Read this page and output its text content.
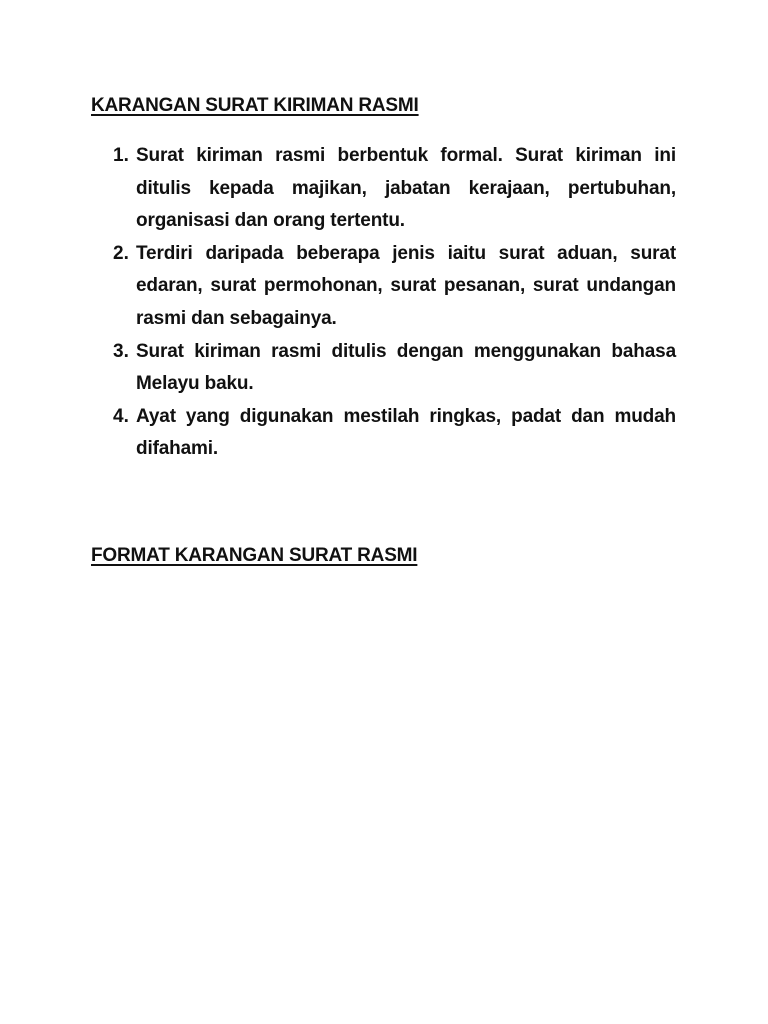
KARANGAN SURAT KIRIMAN RASMI
1. Surat kiriman rasmi berbentuk formal. Surat kiriman ini ditulis kepada majikan, jabatan kerajaan, pertubuhan, organisasi dan orang tertentu.
2. Terdiri daripada beberapa jenis iaitu surat aduan, surat edaran, surat permohonan, surat pesanan, surat undangan rasmi dan sebagainya.
3. Surat kiriman rasmi ditulis dengan menggunakan bahasa Melayu baku.
4. Ayat yang digunakan mestilah ringkas, padat dan mudah difahami.
FORMAT KARANGAN SURAT RASMI
